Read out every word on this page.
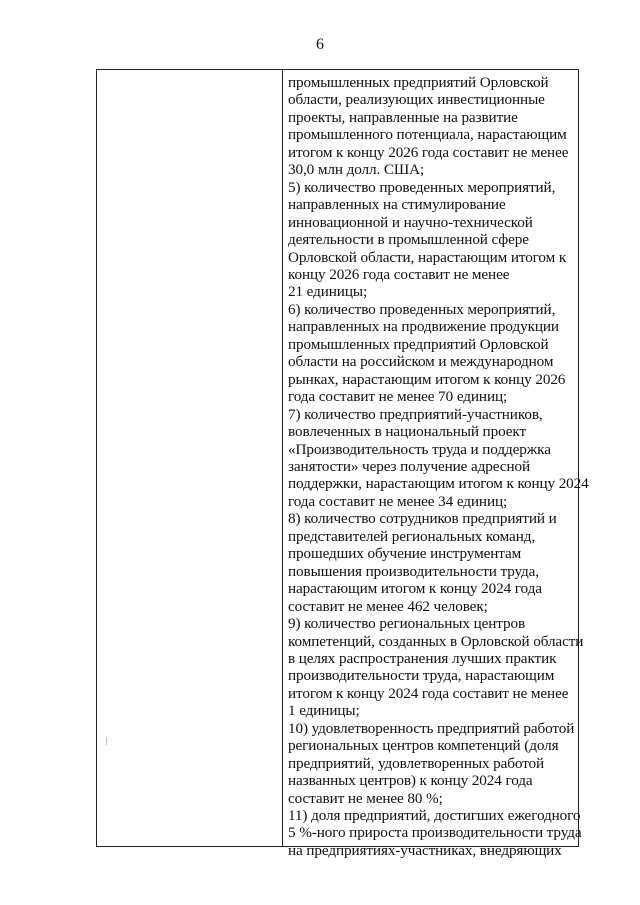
6
промышленных предприятий Орловской
области, реализующих инвестиционные
проекты, направленные на развитие
промышленного потенциала, нарастающим
итогом к концу 2026 года составит не менее
30,0 млн долл. США;
5) количество проведенных мероприятий,
направленных на стимулирование
инновационной и научно-технической
деятельности в промышленной сфере
Орловской области, нарастающим итогом к
концу 2026 года составит не менее
21 единицы;
6) количество проведенных мероприятий,
направленных на продвижение продукции
промышленных предприятий Орловской
области на российском и международном
рынках, нарастающим итогом к концу 2026
года составит не менее 70 единиц;
7) количество предприятий-участников,
вовлеченных в национальный проект
«Производительность труда и поддержка
занятости» через получение адресной
поддержки, нарастающим итогом к концу 2024
года составит не менее 34 единиц;
8) количество сотрудников предприятий и
представителей региональных команд,
прошедших обучение инструментам
повышения производительности труда,
нарастающим итогом к концу 2024 года
составит не менее 462 человек;
9) количество региональных центров
компетенций, созданных в Орловской области
в целях распространения лучших практик
производительности труда, нарастающим
итогом к концу 2024 года составит не менее
1 единицы;
10) удовлетворенность предприятий работой
региональных центров компетенций (доля
предприятий, удовлетворенных работой
названных центров) к концу 2024 года
составит не менее 80 %;
11) доля предприятий, достигших ежегодного
5 %-ного прироста производительности труда
на предприятиях-участниках, внедряющих
